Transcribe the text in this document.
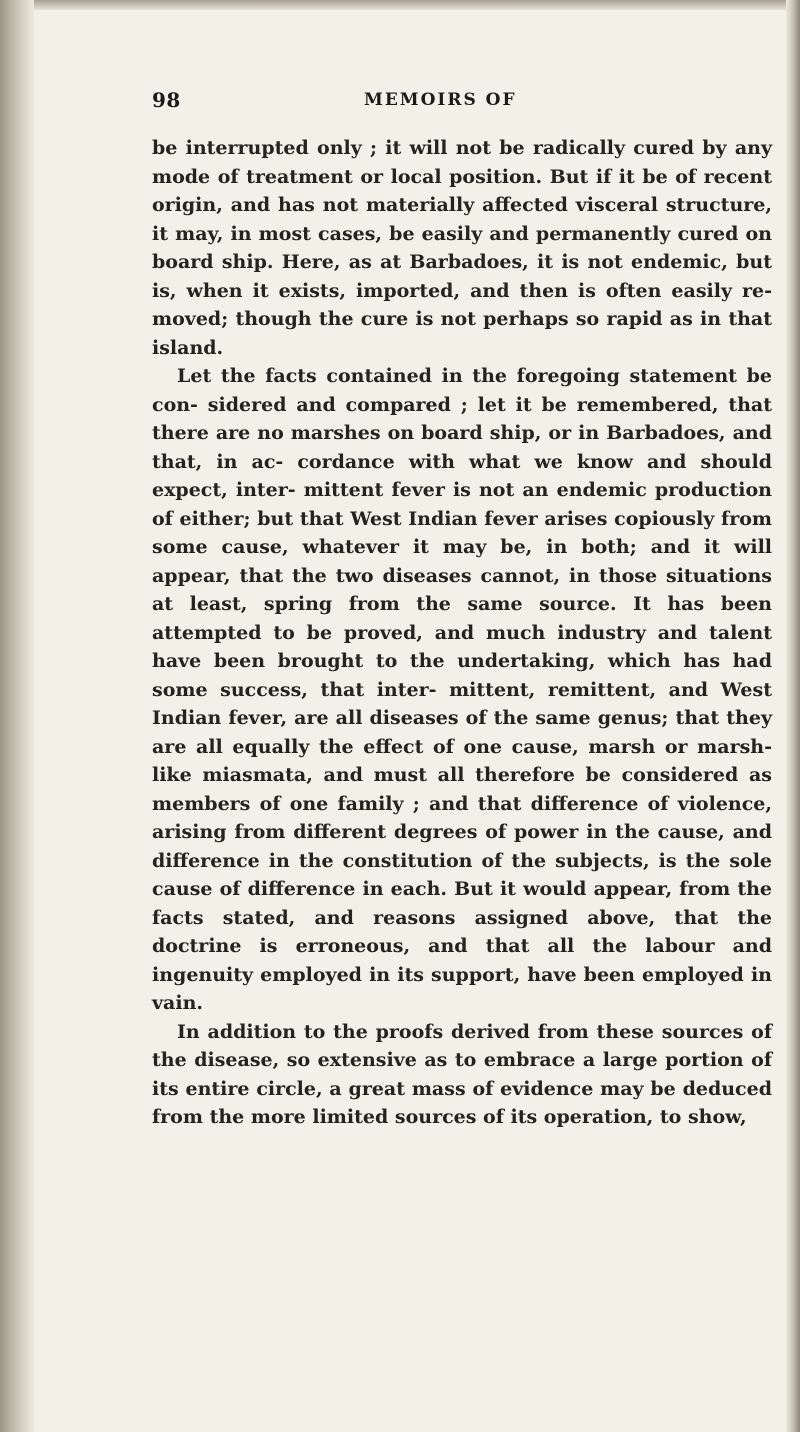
98	MEMOIRS OF

be interrupted only ; it will not be radically cured by any mode of treatment or local position. But if it be of recent origin, and has not materially affected visceral structure, it may, in most cases, be easily and permanently cured on board ship. Here, as at Barbadoes, it is not endemic, but is, when it exists, imported, and then is often easily re- moved; though the cure is not perhaps so rapid as in that island.

Let the facts contained in the foregoing statement be con- sidered and compared ; let it be remembered, that there are no marshes on board ship, or in Barbadoes, and that, in ac- cordance with what we know and should expect, inter- mittent fever is not an endemic production of either; but that West Indian fever arises copiously from some cause, whatever it may be, in both; and it will appear, that the two diseases cannot, in those situations at least, spring from the same source. It has been attempted to be proved, and much industry and talent have been brought to the undertaking, which has had some success, that inter- mittent, remittent, and West Indian fever, are all diseases of the same genus; that they are all equally the effect of one cause, marsh or marsh-like miasmata, and must all therefore be considered as members of one family ; and that difference of violence, arising from different degrees of power in the cause, and difference in the constitution of the subjects, is the sole cause of difference in each. But it would appear, from the facts stated, and reasons assigned above, that the doctrine is erroneous, and that all the labour and ingenuity employed in its support, have been employed in vain.

In addition to the proofs derived from these sources of the disease, so extensive as to embrace a large portion of its entire circle, a great mass of evidence may be deduced from the more limited sources of its operation, to show,
